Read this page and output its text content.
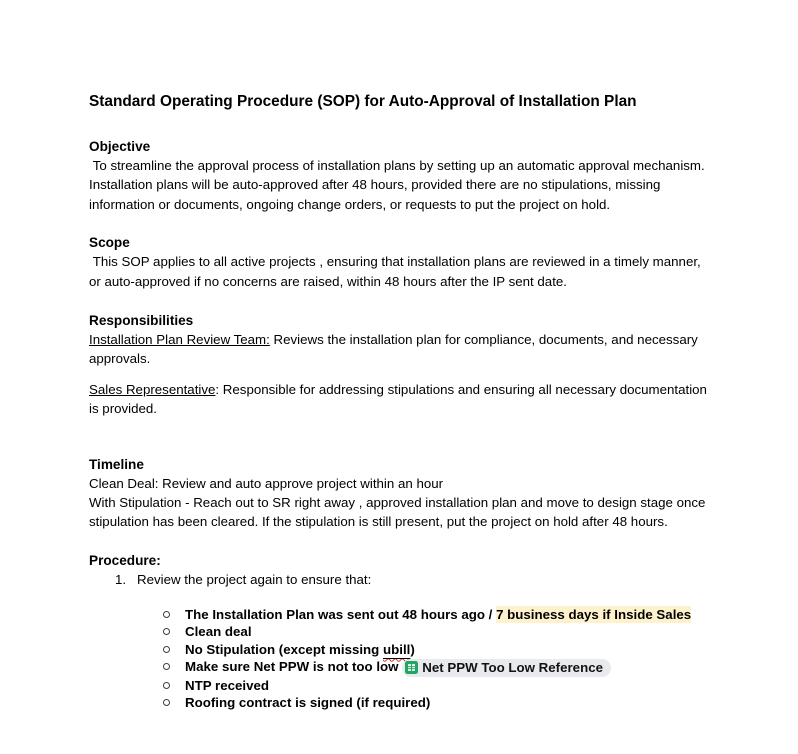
Standard Operating Procedure (SOP) for Auto-Approval of Installation Plan
Objective

To streamline the approval process of installation plans by setting up an automatic approval mechanism. Installation plans will be auto-approved after 48 hours, provided there are no stipulations, missing information or documents, ongoing change orders, or requests to put the project on hold.

Scope

This SOP applies to all active projects , ensuring that installation plans are reviewed in a timely manner, or auto-approved if no concerns are raised, within 48 hours after the IP sent date.

Responsibilities

Installation Plan Review Team: Reviews the installation plan for compliance, documents, and necessary approvals.

Sales Representative: Responsible for addressing stipulations and ensuring all necessary documentation is provided.

Timeline

Clean Deal: Review and auto approve project within an hour

With Stipulation - Reach out to SR right away , approved installation plan and move to design stage once stipulation has been cleared. If the stipulation is still present, put the project on hold after 48 hours.

Procedure:
1. Review the project again to ensure that:
The Installation Plan was sent out 48 hours ago / 7 business days if Inside Sales
Clean deal
No Stipulation (except missing ubill)
Make sure Net PPW is not too low Net PPW Too Low Reference
NTP received
Roofing contract is signed (if required)
